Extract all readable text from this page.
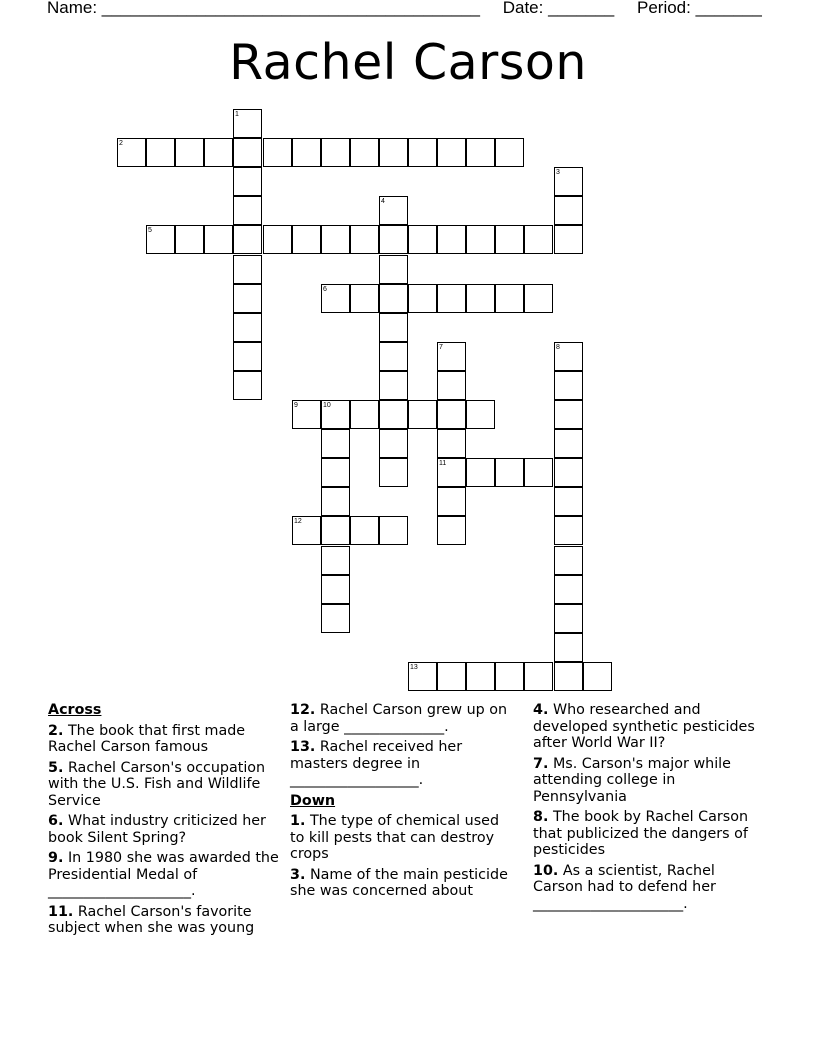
Name: ________________________________________ Date: _______ Period: _______
Rachel Carson
1
2
3
4
5
6
7
11
8
9	10
12
13
Across
2. The book that first made Rachel Carson famous
5. Rachel Carson's occupation with the U.S. Fish and Wildlife Service
6. What industry criticized her book Silent Spring?
9. In 1980 she was awarded the Presidential Medal of ____________________.
11. Rachel Carson's favorite subject when she was young
12. Rachel Carson grew up on a large ______________.
13. Rachel received her masters degree in __________________.
Down
1. The type of chemical used to kill pests that can destroy crops
3. Name of the main pesticide she was concerned about
4. Who researched and developed synthetic pesticides after World War II?
7. Ms. Carson's major while attending college in Pennsylvania
8. The book by Rachel Carson that publicized the dangers of pesticides
10. As a scientist, Rachel Carson had to defend her _____________________.
